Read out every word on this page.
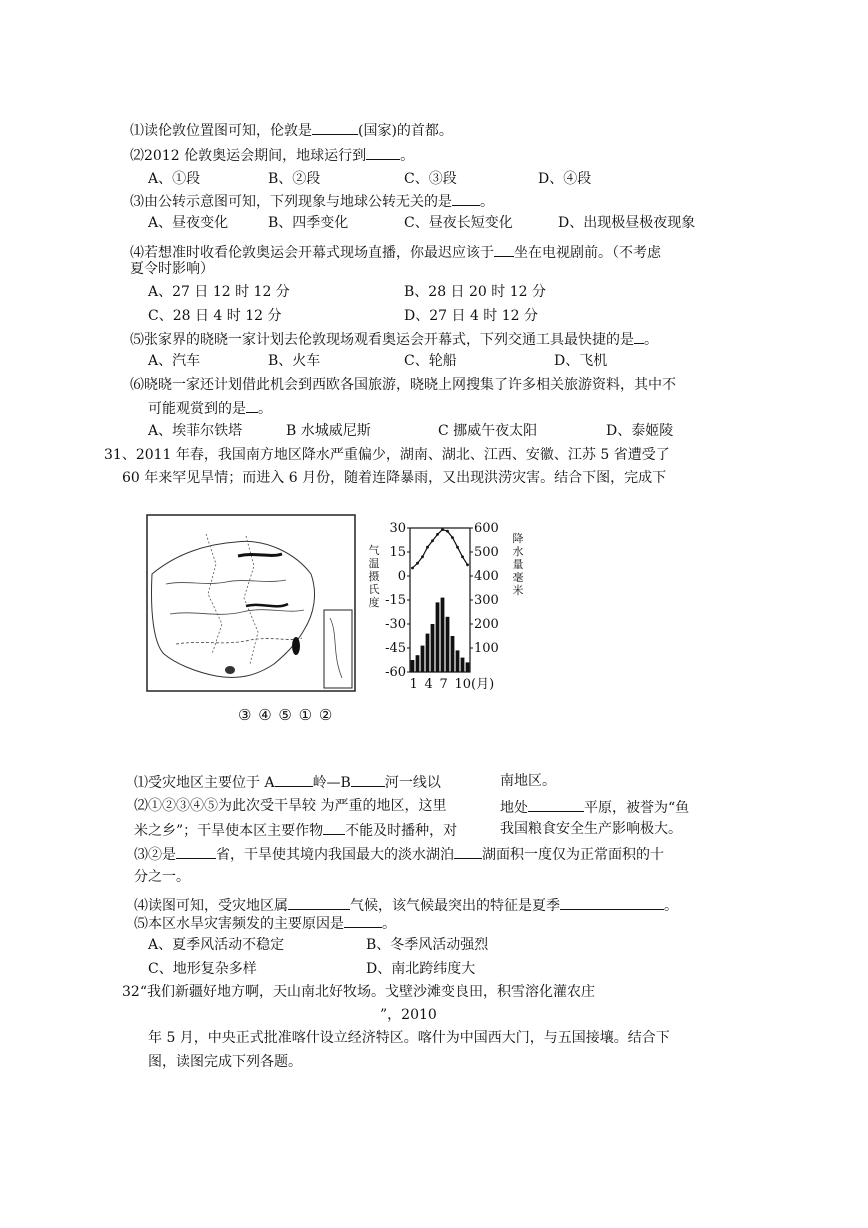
⑴读伦敦位置图可知，伦敦是	(国家)的首都。
⑵2012 伦敦奥运会期间，地球运行到 。
A、①段	B、②段	C、③段	D、④段
⑶由公转示意图可知，下列现象与地球公转无关的是 。
A、昼夜变化	B、四季变化	C、昼夜长短变化	D、出现极昼极夜现象
⑷若想准时收看伦敦奥运会开幕式现场直播，你最迟应该于 坐在电视剧前。（不考虑
夏令时影响）
A、27 日 12 时 12 分	B、28 日 20 时 12 分
C、28 日 4 时 12 分	D、27 日 4 时 12 分
⑸张家界的晓晓一家计划去伦敦现场观看奥运会开幕式，下列交通工具最快捷的是 。
A、汽车	B、火车	C、轮船	D、飞机
⑹晓晓一家还计划借此机会到西欧各国旅游，晓晓上网搜集了许多相关旅游资料，其中不
可能观赏到的是 。
A、埃菲尔铁塔	B 水城威尼斯	C 挪威午夜太阳	D、泰姬陵
31、2011 年春，我国南方地区降水严重偏少，湖南、湖北、江西、安徽、江苏 5 省遭受了
60 年来罕见旱情；而进入 6 月份，随着连降暴雨，又出现洪涝灾害。结合下图，完成下
③ ④ ⑤ ① ②
30
15
0
-15
-30
-45
-60
600
500
400
300
200
100
气
温
摄
氏
度
降
水
量
毫
米
1 4 7 10(月)
⑴受灾地区主要位于 A	岭—B 河一线以	南地区。
⑵①②③④⑤为此次受干旱较 为严重的地区，这里	地处	平原，被誉为“鱼
米之乡”；干旱使本区主要作物 不能及时播种，对	我国粮食安全生产影响极大。
⑶②是	省，干旱使其境内我国最大的淡水湖泊 湖面积一度仅为正常面积的十
分之一。
⑷读图可知，受灾地区属	气候，该气候最突出的特征是夏季	。
⑸本区水旱灾害频发的主要原因是	。
A、夏季风活动不稳定	B、冬季风活动强烈
C、地形复杂多样	D、南北跨纬度大
32“我们新疆好地方啊，天山南北好牧场。戈壁沙滩变良田，积雪溶化灌农庄
”，2010
年 5 月，中央正式批准喀什设立经济特区。喀什为中国西大门，与五国接壤。结合下
图，读图完成下列各题。
